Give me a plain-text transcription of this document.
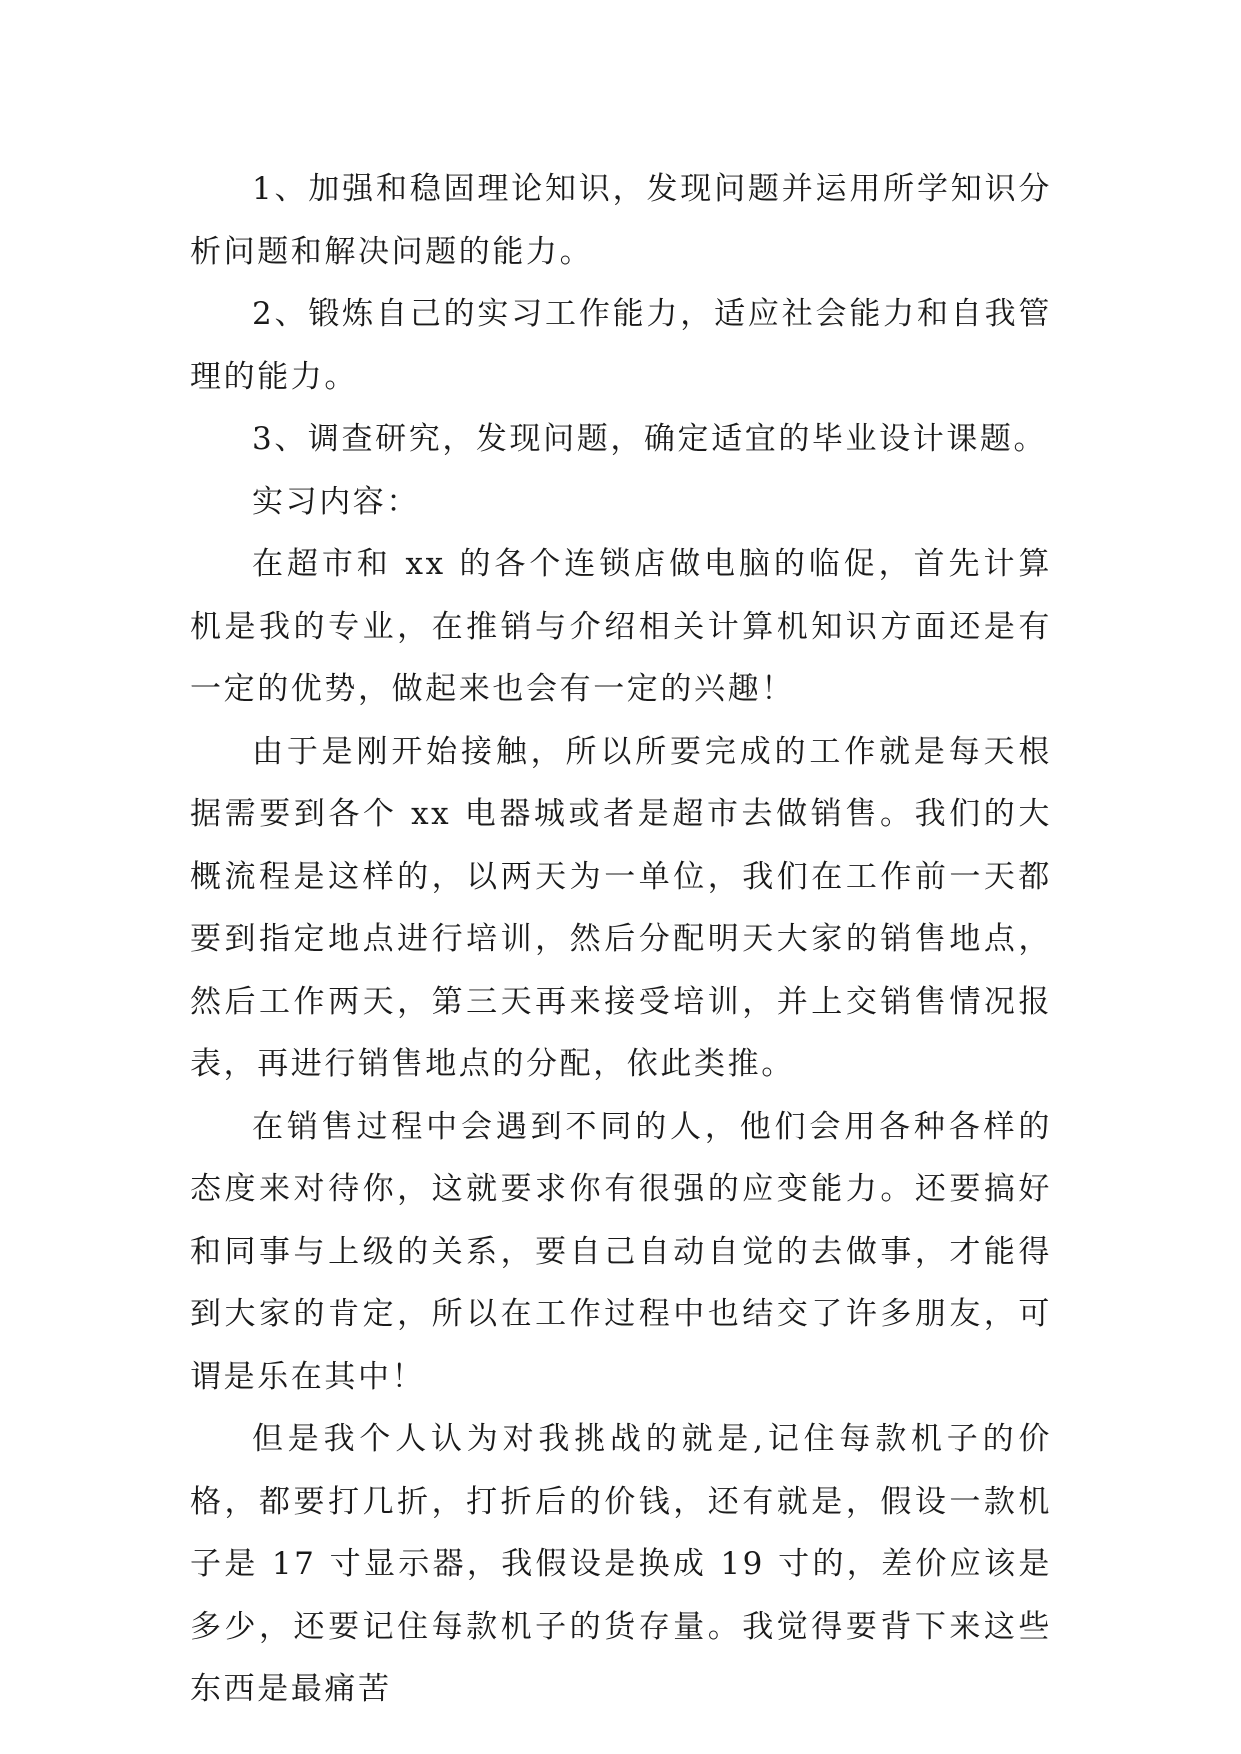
1、加强和稳固理论知识，发现问题并运用所学知识分析问题和解决问题的能力。

2、锻炼自己的实习工作能力，适应社会能力和自我管理的能力。

3、调查研究，发现问题，确定适宜的毕业设计课题。

实习内容：

在超市和 xx 的各个连锁店做电脑的临促，首先计算机是我的专业，在推销与介绍相关计算机知识方面还是有一定的优势，做起来也会有一定的兴趣！

由于是刚开始接触，所以所要完成的工作就是每天根据需要到各个 xx 电器城或者是超市去做销售。我们的大概流程是这样的，以两天为一单位，我们在工作前一天都要到指定地点进行培训，然后分配明天大家的销售地点，然后工作两天，第三天再来接受培训，并上交销售情况报表，再进行销售地点的分配，依此类推。

在销售过程中会遇到不同的人，他们会用各种各样的态度来对待你，这就要求你有很强的应变能力。还要搞好和同事与上级的关系，要自己自动自觉的去做事，才能得到大家的肯定，所以在工作过程中也结交了许多朋友，可谓是乐在其中！

但是我个人认为对我挑战的就是,记住每款机子的价格，都要打几折，打折后的价钱，还有就是，假设一款机子是 17 寸显示器，我假设是换成 19 寸的，差价应该是多少，还要记住每款机子的货存量。我觉得要背下来这些东西是最痛苦
